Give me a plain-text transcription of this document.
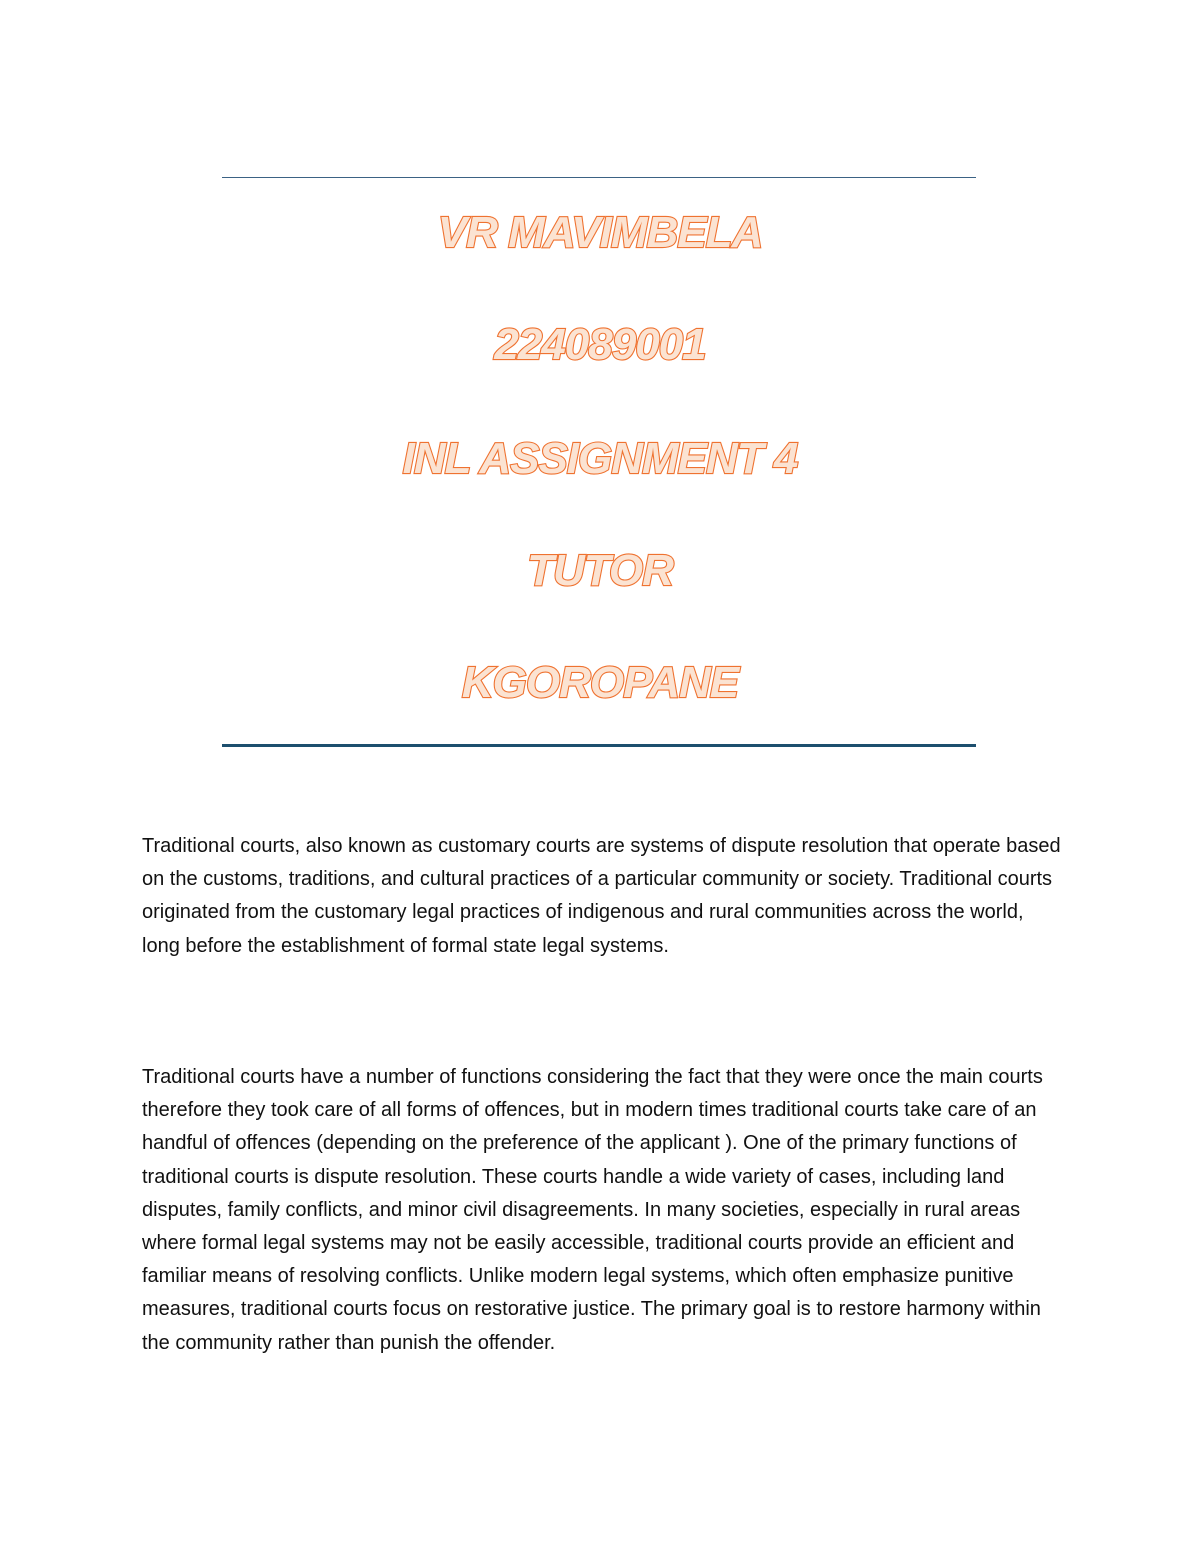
VR MAVIMBELA
224089001
INL ASSIGNMENT 4
TUTOR
KGOROPANE

Traditional courts, also known as customary courts are systems of dispute resolution that operate based on the customs, traditions, and cultural practices of a particular community or society. Traditional courts originated from the customary legal practices of indigenous and rural communities across the world, long before the establishment of formal state legal systems.

Traditional courts have a number of functions considering the fact that they were once the main courts therefore they took care of all forms of offences, but in modern times traditional courts take care of an handful of offences (depending on the preference of the applicant ). One of the primary functions of traditional courts is dispute resolution. These courts handle a wide variety of cases, including land disputes, family conflicts, and minor civil disagreements. In many societies, especially in rural areas where formal legal systems may not be easily accessible, traditional courts provide an efficient and familiar means of resolving conflicts. Unlike modern legal systems, which often emphasize punitive measures, traditional courts focus on restorative justice. The primary goal is to restore harmony within the community rather than punish the offender.
